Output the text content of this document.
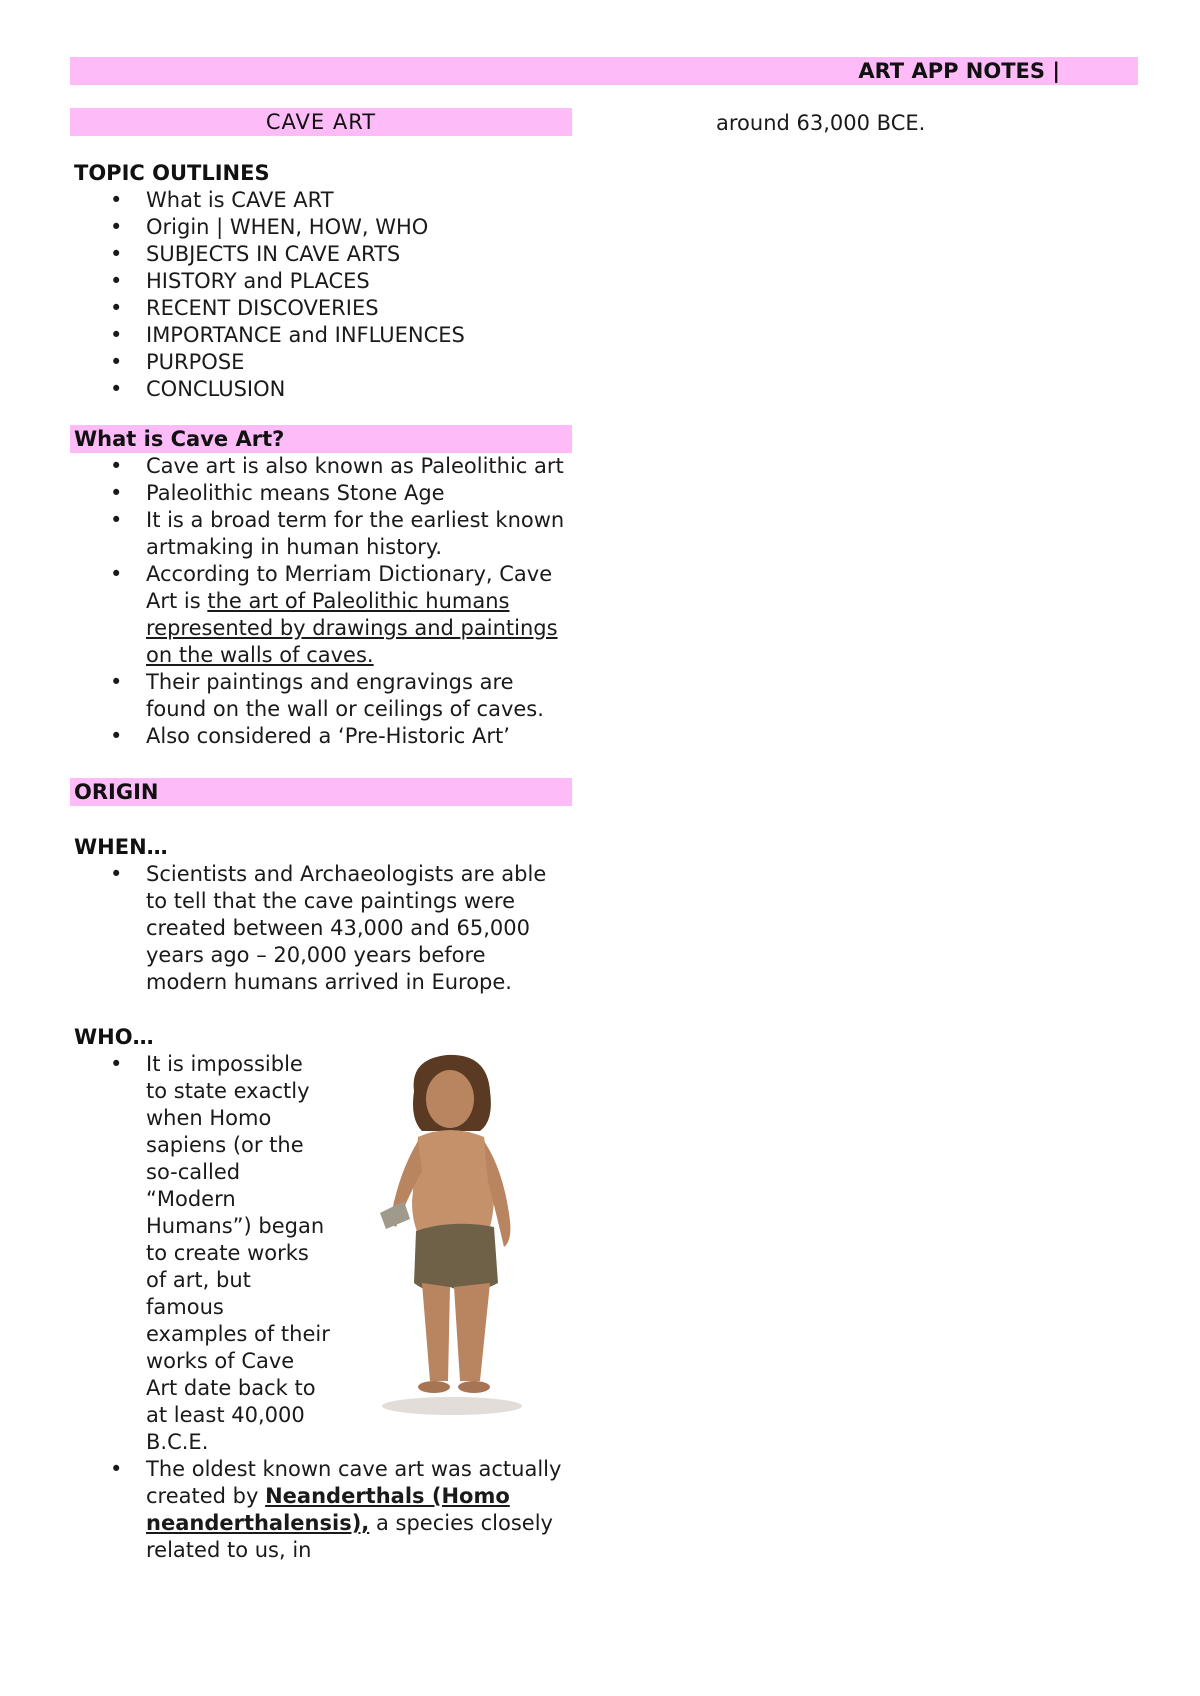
ART APP NOTES |
CAVE ART
TOPIC OUTLINES
• What is CAVE ART
• Origin | WHEN, HOW, WHO
• SUBJECTS IN CAVE ARTS
• HISTORY and PLACES
• RECENT DISCOVERIES
• IMPORTANCE and INFLUENCES
• PURPOSE
• CONCLUSION
What is Cave Art?
• Cave art is also known as Paleolithic art
• Paleolithic means Stone Age
• It is a broad term for the earliest known artmaking in human history.
• According to Merriam Dictionary, Cave Art is the art of Paleolithic humans represented by drawings and paintings on the walls of caves.
• Their paintings and engravings are found on the wall or ceilings of caves.
• Also considered a ‘Pre-Historic Art’
ORIGIN
WHEN…
• Scientists and Archaeologists are able to tell that the cave paintings were created between 43,000 and 65,000 years ago – 20,000 years before modern humans arrived in Europe.
WHO…
• It is impossible to state exactly when Homo sapiens (or the so-called “Modern Humans”) began to create works of art, but famous examples of their works of Cave Art date back to at least 40,000 B.C.E.
• The oldest known cave art was actually created by Neanderthals (Homo neanderthalensis), a species closely related to us, in
around 63,000 BCE.
